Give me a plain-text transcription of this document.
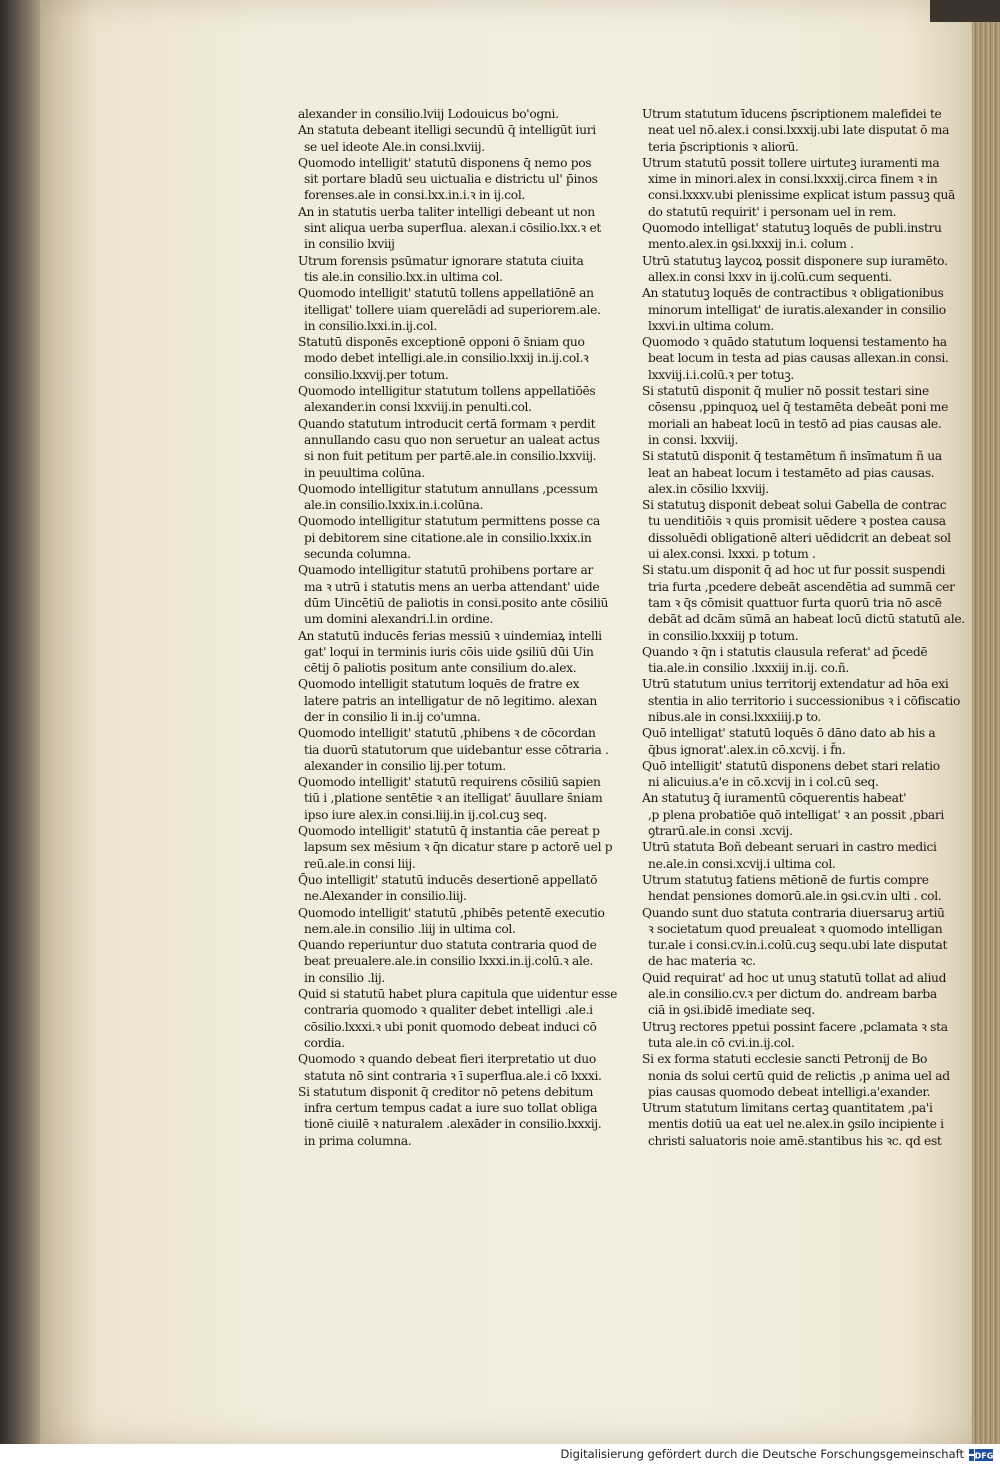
alexander in consilio.lviij Lodouicus bo'ogni.
An statuta debeant itelligi secundū q̄ intelligūt iuri
se uel ideote Ale.in consi.lxviij.
Quomodo intelligit' statutū disponens q̄ nemo pos
sit portare bladū seu uictualia e districtu ul' p̄inos
forenses.ale in consi.lxx.in.i.ꝛ in ij.col.
An in statutis uerba taliter intelligi debeant ut non
sint aliqua uerba superflua. alexan.i cōsilio.lxx.ꝛ et
in consilio lxviij
Utrum forensis psūmatur ignorare statuta ciuita
tis ale.in consilio.lxx.in ultima col.
Quomodo intelligit' statutū tollens appellatiōnē an
itelligat' tollere uiam querelādi ad superiorem.ale.
in consilio.lxxi.in.ij.col.
Statutū disponēs exceptionē opponi ō s̄niam quo
modo debet intelligi.ale.in consilio.lxxij in.ij.col.ꝛ
consilio.lxxvij.per totum.
Quomodo intelligitur statutum tollens appellatiōēs
alexander.in consi lxxviij.in penulti.col.
Quando statutum introducit certā formam ꝛ perdit
annullando casu quo non seruetur an ualeat actus
si non fuit petitum per partē.ale.in consilio.lxxviij.
in peuultima colūna.
Quomodo intelligitur statutum annullans ,pcessum
ale.in consilio.lxxix.in.i.colūna.
Quomodo intelligitur statutum permittens posse ca
pi debitorem sine citatione.ale in consilio.lxxix.in
secunda columna.
Quamodo intelligitur statutū prohibens portare ar
ma ꝛ utrū i statutis mens an uerba attendant' uide
dūm Uincētiū de paliotis in consi.posito ante cōsiliū
um domini alexandri.l.in ordine.
An statutū inducēs ferias messiū ꝛ uindemiaꝝ intelli
gat' loqui in terminis iuris cōis uide ꝯsiliū dūi Uin
cētij ō paliotis positum ante consilium do.alex.
Quomodo intelligit statutum loquēs de fratre ex
latere patris an intelligatur de nō legitimo. alexan
der in consilio li in.ij co'umna.
Quomodo intelligit' statutū ,phibens ꝛ de cōcordan
tia duorū statutorum que uidebantur esse cōtraria .
alexander in consilio lij.per totum.
Quomodo intelligit' statutū requirens cōsiliū sapien
tiū i ,platione sentētie ꝛ an itelligat' āuullare s̄niam
ipso iure alex.in consi.liij.in ij.col.cuꝫ seq.
Quomodo intelligit' statutū q̄ instantia cāe pereat p
lapsum sex mēsium ꝛ q̄n dicatur stare p actorē uel p
reū.ale.in consi liij.
Q̄uo intelligit' statutū inducēs desertionē appellatō
ne.Alexander in consilio.liij.
Quomodo intelligit' statutū ,phibēs petentē executio
nem.ale.in consilio .liij in ultima col.
Quando reperiuntur duo statuta contraria quod de
beat preualere.ale.in consilio lxxxi.in.ij.colū.ꝛ ale.
in consilio .lij.
Quid si statutū habet plura capitula que uidentur esse
contraria quomodo ꝛ qualiter debet intelligi .ale.i
cōsilio.lxxxi.ꝛ ubi ponit quomodo debeat induci cō
cordia.
Quomodo ꝛ quando debeat fieri iterpretatio ut duo
statuta nō sint contraria ꝛ ī superflua.ale.i cō lxxxi.
Si statutum disponit q̄ creditor nō petens debitum
infra certum tempus cadat a iure suo tollat obliga
tionē ciuilē ꝛ naturalem .alexāder in consilio.lxxxij.
in prima columna.
Utrum statutum īducens p̄scriptionem malefidei te
neat uel nō.alex.i consi.lxxxij.ubi late disputat ō ma
teria p̄scriptionis ꝛ aliorū.
Utrum statutū possit tollere uirtuteꝫ iuramenti ma
xime in minori.alex in consi.lxxxij.circa finem ꝛ in
consi.lxxxv.ubi plenissime explicat istum passuꝫ quā
do statutū requirit' i personam uel in rem.
Quomodo intelligat' statutuꝫ loquēs de publi.instru
mento.alex.in ꝯsi.lxxxij in.i. colum .
Utrū statutuꝫ laycoꝝ possit disponere sup iuramēto.
allex.in consi lxxv in ij.colū.cum sequenti.
An statutuꝫ loquēs de contractibus ꝛ obligationibus
minorum intelligat' de iuratis.alexander in consilio
lxxvi.in ultima colum.
Quomodo ꝛ quādo statutum loquensi testamento ha
beat locum in testa ad pias causas allexan.in consi.
lxxviij.i.i.colū.ꝛ per totuꝫ.
Si statutū disponit q̄ mulier nō possit testari sine
cōsensu ,ppinquoꝝ uel q̄ testamēta debeāt poni me
moriali an habeat locū in testō ad pias causas ale.
in consi. lxxviij.
Si statutū disponit q̄ testamētum ñ insīmatum ñ ua
leat an habeat locum i testamēto ad pias causas.
alex.in cōsilio lxxviij.
Si statutuꝫ disponit debeat solui Gabella de contrac
tu uenditiōis ꝛ quis promisit uēdere ꝛ postea causa
dissoluēdi obligationē alteri uēdidcrit an debeat sol
ui alex.consi. lxxxi. p totum .
Si statu.um disponit q̄ ad hoc ut fur possit suspendi
tria furta ,pcedere debeāt ascendētia ad summā cer
tam ꝛ q̄s cōmisit quattuor furta quorū tria nō ascē
debāt ad dcām sūmā an habeat locū dictū statutū ale.
in consilio.lxxxiij p totum.
Quando ꝛ q̄n i statutis clausula referat' ad p̄cedē
tia.ale.in consilio .lxxxiij in.ij. co.ñ.
Utrū statutum unius territorij extendatur ad hōa exi
stentia in alio territorio i successionibus ꝛ i cōfiscatio
nibus.ale in consi.lxxxiiij.p to.
Quō intelligat' statutū loquēs ō dāno dato ab his a
q̄bus ignorat'.alex.in cō.xcvij. i f̄n.
Quō intelligit' statutū disponens debet stari relatio
ni alicuius.a'e in cō.xcvij in i col.cū seq.
An statutuꝫ q̄ iuramentū cōquerentis habeat'
,p plena probatiōe quō intelligat' ꝛ an possit ,pbari
ꝯtrarū.ale.in consi .xcvij.
Utrū statuta Boñ debeant seruari in castro medici
ne.ale.in consi.xcvij.i ultima col.
Utrum statutuꝫ fatiens mētionē de furtis compre
hendat pensiones domorū.ale.in ꝯsi.cv.in ulti . col.
Quando sunt duo statuta contraria diuersaruꝫ artiū
ꝛ societatum quod preualeat ꝛ quomodo intelligan
tur.ale i consi.cv.in.i.colū.cuꝫ sequ.ubi late disputat
de hac materia ꝛc.
Quid requirat' ad hoc ut unuꝫ statutū tollat ad aliud
ale.in consilio.cv.ꝛ per dictum do. andream barba
ciā in ꝯsi.ibidē imediate seq.
Utruꝫ rectores ppetui possint facere ,pclamata ꝛ sta
tuta ale.in cō cvi.in.ij.col.
Si ex forma statuti ecclesie sancti Petronij de Bo
nonia ds solui certū quid de relictis ,p anima uel ad
pias causas quomodo debeat intelligi.a'exander.
Utrum statutum limitans certaꝫ quantitatem ,pa'i
mentis dotiū ua eat uel ne.alex.in ꝯsilo incipiente i
christi saluatoris noie amē.stantibus his ꝛc. qd est
Digitalisierung gefördert durch die Deutsche Forschungsgemeinschaft DFG
